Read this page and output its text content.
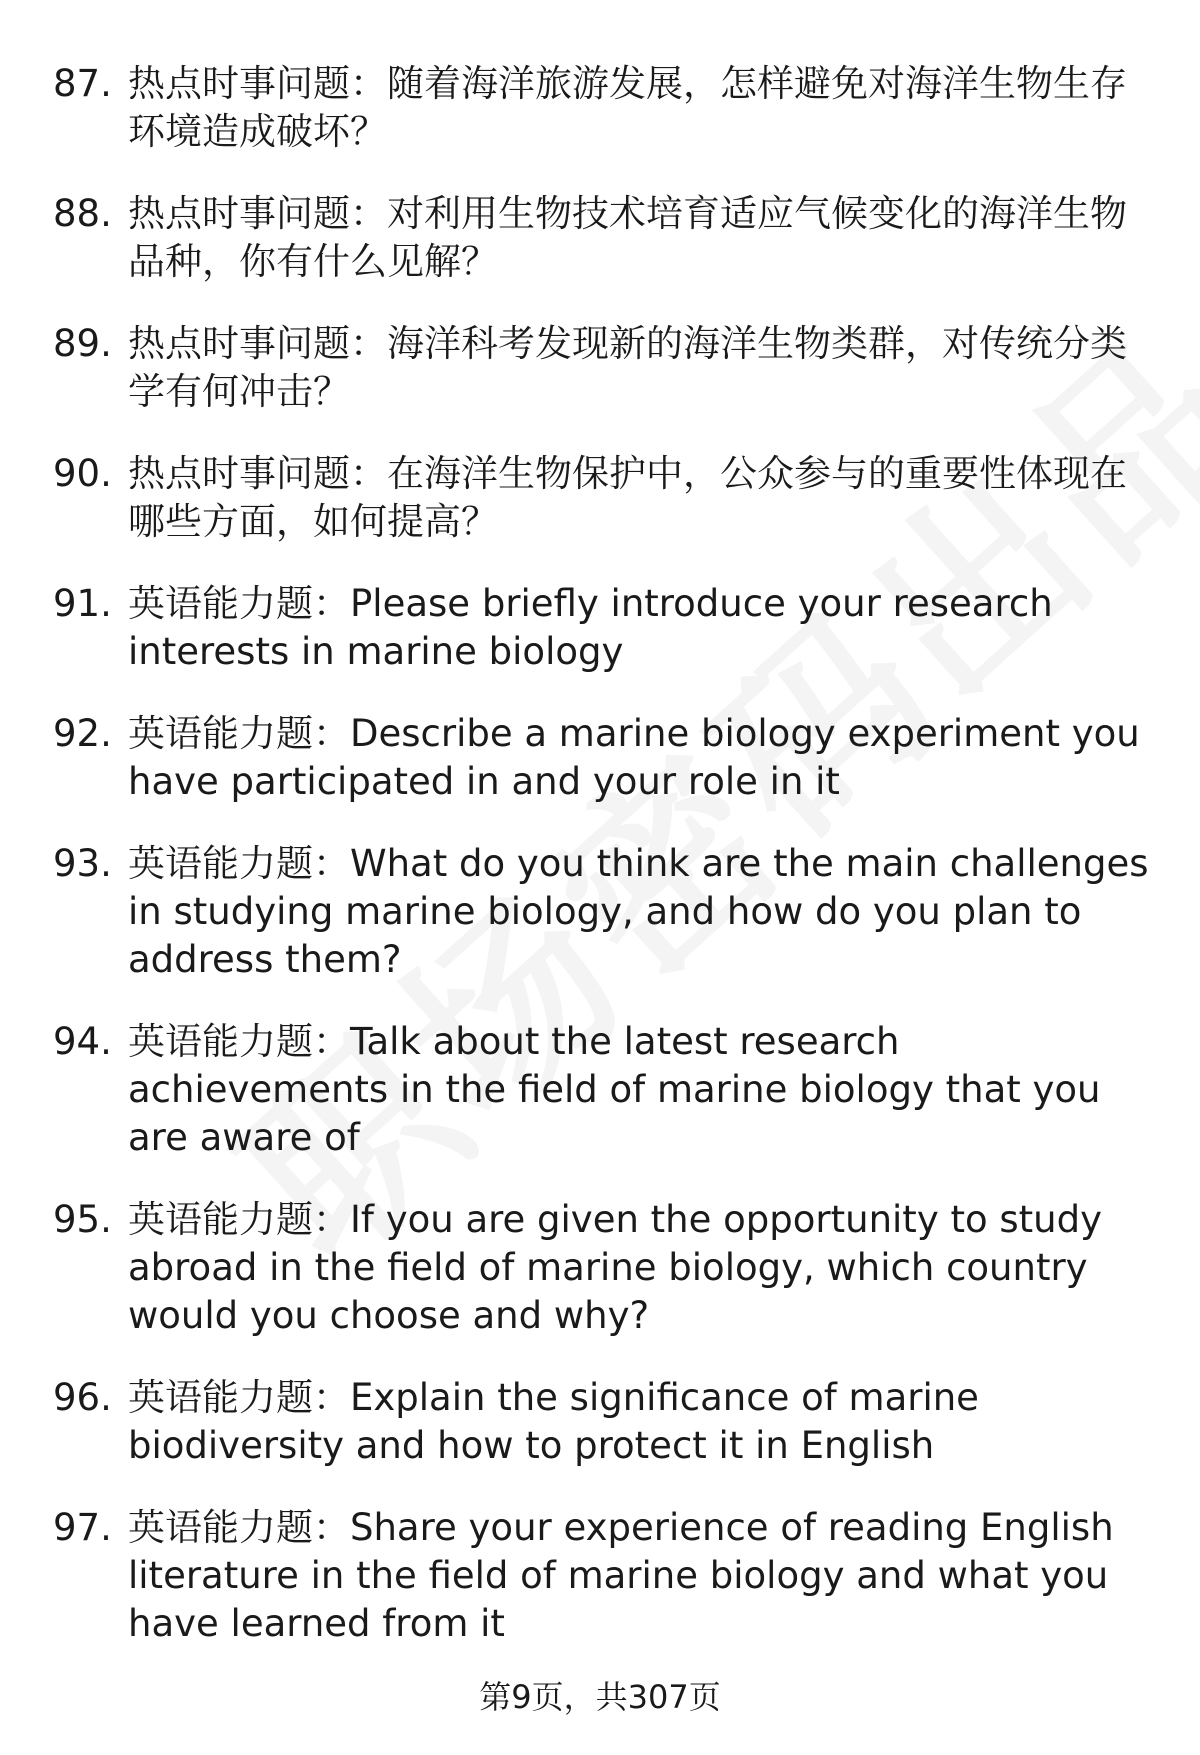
87. 热点时事问题：随着海洋旅游发展，怎样避免对海洋生物生存环境造成破坏？
88. 热点时事问题：对利用生物技术培育适应气候变化的海洋生物品种，你有什么见解？
89. 热点时事问题：海洋科考发现新的海洋生物类群，对传统分类学有何冲击？
90. 热点时事问题：在海洋生物保护中，公众参与的重要性体现在哪些方面，如何提高？
91. 英语能力题：Please briefly introduce your research interests in marine biology
92. 英语能力题：Describe a marine biology experiment you have participated in and your role in it
93. 英语能力题：What do you think are the main challenges in studying marine biology, and how do you plan to address them?
94. 英语能力题：Talk about the latest research achievements in the field of marine biology that you are aware of
95. 英语能力题：If you are given the opportunity to study abroad in the field of marine biology, which country would you choose and why?
96. 英语能力题：Explain the significance of marine biodiversity and how to protect it in English
97. 英语能力题：Share your experience of reading English literature in the field of marine biology and what you have learned from it
第9页，共307页
